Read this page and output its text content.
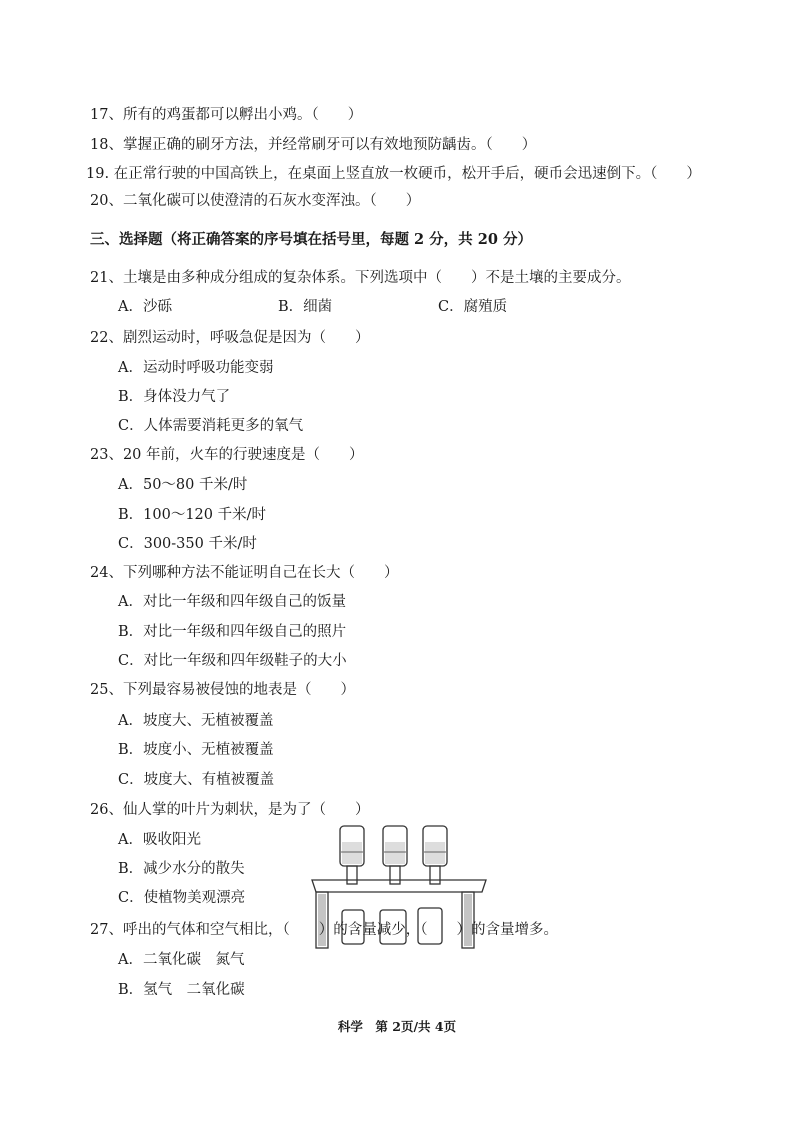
17、所有的鸡蛋都可以孵出小鸡。（　　）
18、掌握正确的刷牙方法，并经常刷牙可以有效地预防龋齿。（　　）
19. 在正常行驶的中国高铁上，在桌面上竖直放一枚硬币，松开手后，硬币会迅速倒下。（　　）
20、二氧化碳可以使澄清的石灰水变浑浊。（　　）
三、选择题（将正确答案的序号填在括号里，每题 2 分，共 20 分）
21、土壤是由多种成分组成的复杂体系。下列选项中（　　）不是土壤的主要成分。
A．沙砾	B．细菌	C．腐殖质
22、剧烈运动时，呼吸急促是因为（　　）
A．运动时呼吸功能变弱
B．身体没力气了
C．人体需要消耗更多的氧气
23、20 年前，火车的行驶速度是（　　）
A．50～80 千米/时
B．100～120 千米/时
C．300-350 千米/时
24、下列哪种方法不能证明自己在长大（　　）
A．对比一年级和四年级自己的饭量
B．对比一年级和四年级自己的照片
C．对比一年级和四年级鞋子的大小
25、下列最容易被侵蚀的地表是（　　）
A．坡度大、无植被覆盖
B．坡度小、无植被覆盖
C．坡度大、有植被覆盖
26、仙人掌的叶片为刺状，是为了（　　）
A．吸收阳光
B．减少水分的散失
C．使植物美观漂亮
27、呼出的气体和空气相比，（　　）的含量减少，（　　）的含量增多。
A．二氧化碳　氮气
B．氢气　二氧化碳
科学　第 2页/共 4页
